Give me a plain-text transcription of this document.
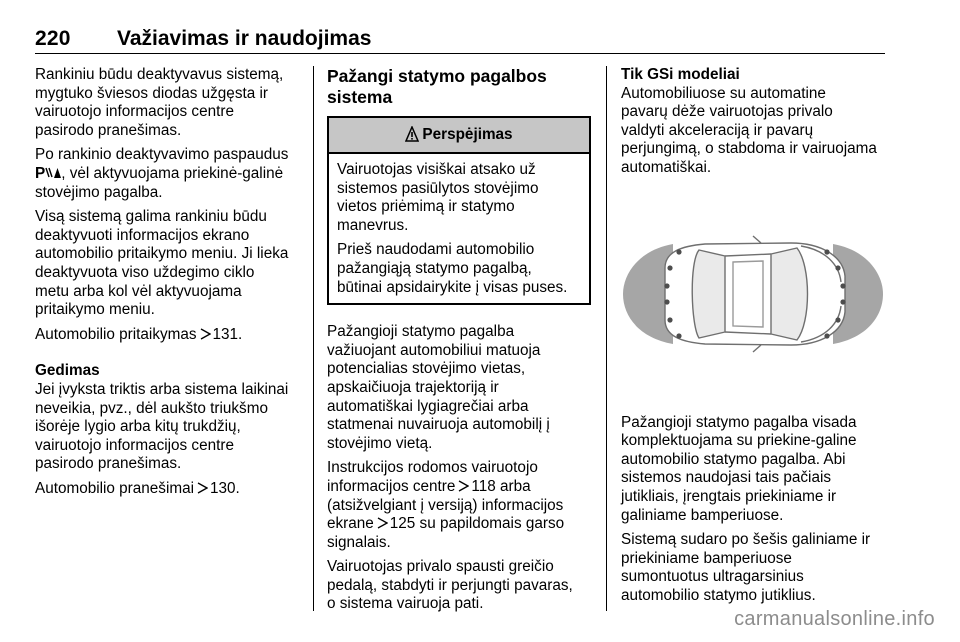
220 Važiavimas ir naudojimas

Rankiniu būdu deaktyvavus sistemą,
mygtuko šviesos diodas užgęsta ir
vairuotojo informacijos centre
pasirodo pranešimas.

Po rankinio deaktyvavimo paspaudus
P , vėl aktyvuojama priekinė-galinė
stovėjimo pagalba.

Visą sistemą galima rankiniu būdu
deaktyvuoti informacijos ekrano
automobilio pritaikymo meniu. Ji lieka
deaktyvuota viso uždegimo ciklo
metu arba kol vėl aktyvuojama
pritaikymo meniu.

Automobilio pritaikymas 131.

Gedimas

Jei įvyksta triktis arba sistema laikinai
neveikia, pvz., dėl aukšto triukšmo
išorėje lygio arba kitų trukdžių,
vairuotojo informacijos centre
pasirodo pranešimas.

Automobilio pranešimai 130.

Pažangi statymo pagalbos
sistema

Perspėjimas

Vairuotojas visiškai atsako už
sistemos pasiūlytos stovėjimo
vietos priėmimą ir statymo
manevrus.

Prieš naudodami automobilio
pažangiąją statymo pagalbą,
būtinai apsidairykite į visas puses.

Pažangioji statymo pagalba
važiuojant automobiliui matuoja
potencialias stovėjimo vietas,
apskaičiuoja trajektoriją ir
automatiškai lygiagrečiai arba
statmenai nuvairuoja automobilį į
stovėjimo vietą.

Instrukcijos rodomos vairuotojo
informacijos centre 118 arba
(atsižvelgiant į versiją) informacijos
ekrane 125 su papildomais garso
signalais.

Vairuotojas privalo spausti greičio
pedalą, stabdyti ir perjungti pavaras,
o sistema vairuoja pati.

Tik GSi modeliai

Automobiliuose su automatine
pavarų dėže vairuotojas privalo
valdyti akceleraciją ir pavarų
perjungimą, o stabdoma ir vairuojama
automatiškai.

Pažangioji statymo pagalba visada
komplektuojama su priekine-galine
automobilio statymo pagalba. Abi
sistemos naudojasi tais pačiais
jutikliais, įrengtais priekiniame ir
galiniame bamperiuose.

Sistemą sudaro po šešis galiniame ir
priekiniame bamperiuose
sumontuotus ultragarsinius
automobilio statymo jutiklius.

carmanualsonline.info
